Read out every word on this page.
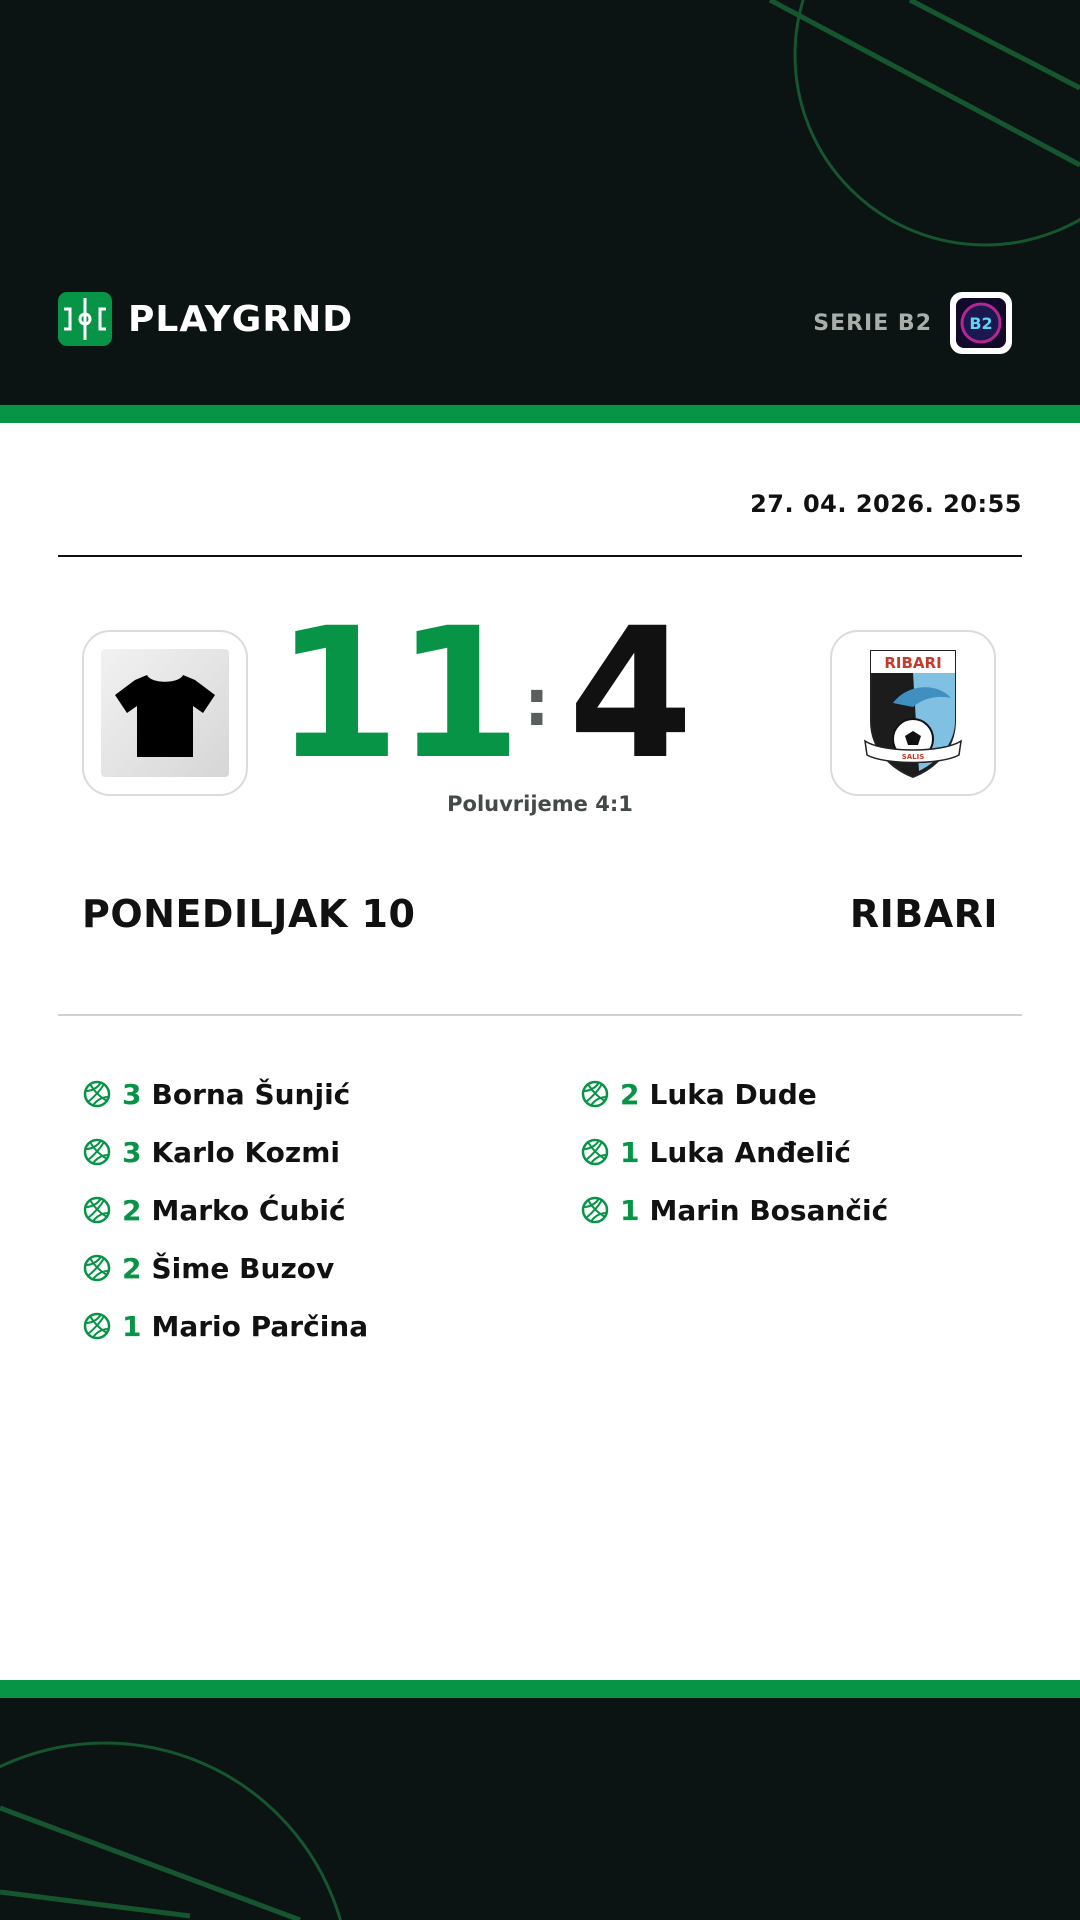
PLAYGRND	SERIE B2 B2
27. 04. 2026. 20:55
11 : 4
Poluvrijeme 4:1
RIBARI
SALIS
PONEDILJAK 10	RIBARI
3 Borna Šunjić
3 Karlo Kozmi
2 Marko Ćubić
2 Šime Buzov
1 Mario Parčina
2 Luka Dude
1 Luka Anđelić
1 Marin Bosančić
